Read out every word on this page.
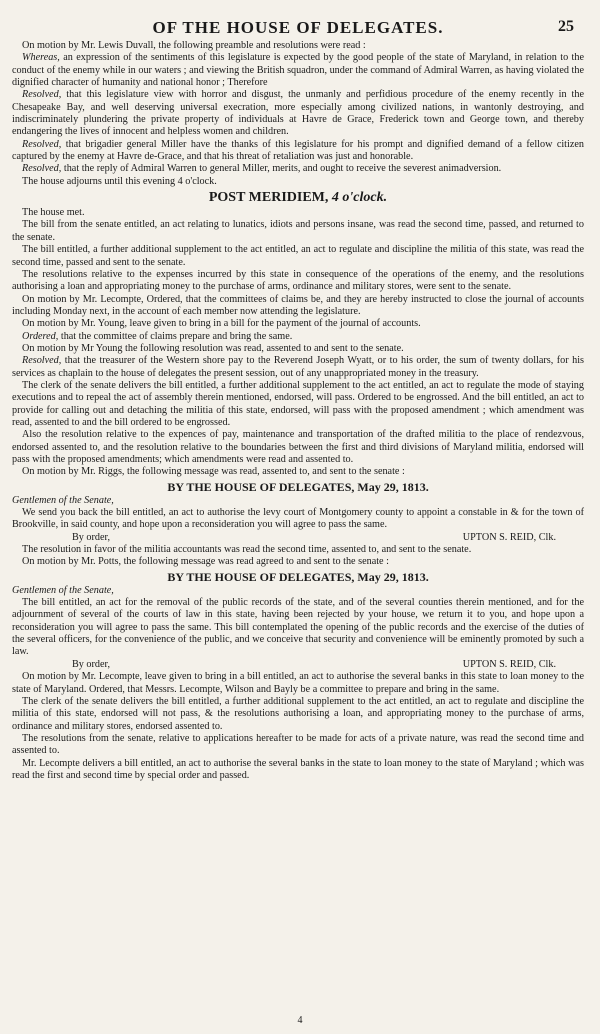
OF THE HOUSE OF DELEGATES.	25

On motion by Mr. Lewis Duvall, the following preamble and resolutions were read :

Whereas, an expression of the sentiments of this legislature is expected by the good people of the state of Maryland, in relation to the conduct of the enemy while in our waters ; and viewing the British squadron, under the command of Admiral Warren, as having violated the dignified character of humanity and national honor ; Therefore

Resolved, that this legislature view with horror and disgust, the unmanly and perfidious procedure of the enemy recently in the Chesapeake Bay, and well deserving universal execration, more especially among civilized nations, in wantonly destroying, and indiscriminately plundering the private property of individuals at Havre de Grace, Frederick town and George town, and thereby endangering the lives of innocent and helpless women and children.

Resolved, that brigadier general Miller have the thanks of this legislature for his prompt and dignified demand of a fellow citizen captured by the enemy at Havre de-Grace, and that his threat of retaliation was just and honorable.

Resolved, that the reply of Admiral Warren to general Miller, merits, and ought to receive the severest animadversion.

The house adjourns until this evening 4 o'clock.

POST MERIDIEM, 4 o'clock.

The house met.

The bill from the senate entitled, an act relating to lunatics, idiots and persons insane, was read the second time, passed, and returned to the senate.

The bill entitled, a further additional supplement to the act entitled, an act to regulate and discipline the militia of this state, was read the second time, passed and sent to the senate.

The resolutions relative to the expenses incurred by this state in consequence of the operations of the enemy, and the resolutions authorising a loan and appropriating money to the purchase of arms, ordinance and military stores, were sent to the senate.

On motion by Mr. Lecompte, Ordered, that the committees of claims be, and they are hereby instructed to close the journal of accounts including Monday next, in the account of each member now attending the legislature.

On motion by Mr. Young, leave given to bring in a bill for the payment of the journal of accounts.

Ordered, that the committee of claims prepare and bring the same.

On motion by Mr Young the following resolution was read, assented to and sent to the senate.

Resolved, that the treasurer of the Western shore pay to the Reverend Joseph Wyatt, or to his order, the sum of twenty dollars, for his services as chaplain to the house of delegates the present session, out of any unappropriated money in the treasury.

The clerk of the senate delivers the bill entitled, a further additional supplement to the act entitled, an act to regulate the mode of staying executions and to repeal the act of assembly therein mentioned, endorsed, will pass. Ordered to be engrossed. And the bill entitled, an act to provide for calling out and detaching the militia of this state, endorsed, will pass with the proposed amendment ; which amendment was read, assented to and the bill ordered to be engrossed.

Also the resolution relative to the expences of pay, maintenance and transportation of the drafted militia to the place of rendezvous, endorsed assented to, and the resolution relative to the boundaries between the first and third divisions of Maryland militia, endorsed will pass with the proposed amendments; which amendments were read and assented to.

On motion by Mr. Riggs, the following message was read, assented to, and sent to the senate :

BY THE HOUSE OF DELEGATES, May 29, 1813.

Gentlemen of the Senate,

We send you back the bill entitled, an act to authorise the levy court of Montgomery county to appoint a constable in & for the town of Brookville, in said county, and hope upon a reconsideration you will agree to pass the same.

By order,	UPTON S. REID, Clk.

The resolution in favor of the militia accountants was read the second time, assented to, and sent to the senate.

On motion by Mr. Potts, the following message was read agreed to and sent to the senate :

BY THE HOUSE OF DELEGATES, May 29, 1813.

Gentlemen of the Senate,

The bill entitled, an act for the removal of the public records of the state, and of the several counties therein mentioned, and for the adjournment of several of the courts of law in this state, having been rejected by your house, we return it to you, and hope upon a reconsideration you will agree to pass the same. This bill contemplated the opening of the public records and the exercise of the duties of the several officers, for the convenience of the public, and we conceive that security and convenience will be eminently promoted by such a law.

By order,	UPTON S. REID, Clk.

On motion by Mr. Lecompte, leave given to bring in a bill entitled, an act to authorise the several banks in this state to loan money to the state of Maryland. Ordered, that Messrs. Lecompte, Wilson and Bayly be a committee to prepare and bring in the same.

The clerk of the senate delivers the bill entitled, a further additional supplement to the act entitled, an act to regulate and discipline the militia of this state, endorsed will not pass, & the resolutions authorising a loan, and appropriating money to the purchase of arms, ordinance and military stores, endorsed assented to.

The resolutions from the senate, relative to applications hereafter to be made for acts of a private nature, was read the second time and assented to.

Mr. Lecompte delivers a bill entitled, an act to authorise the several banks in the state to loan money to the state of Maryland ; which was read the first and second time by special order and passed.

4
